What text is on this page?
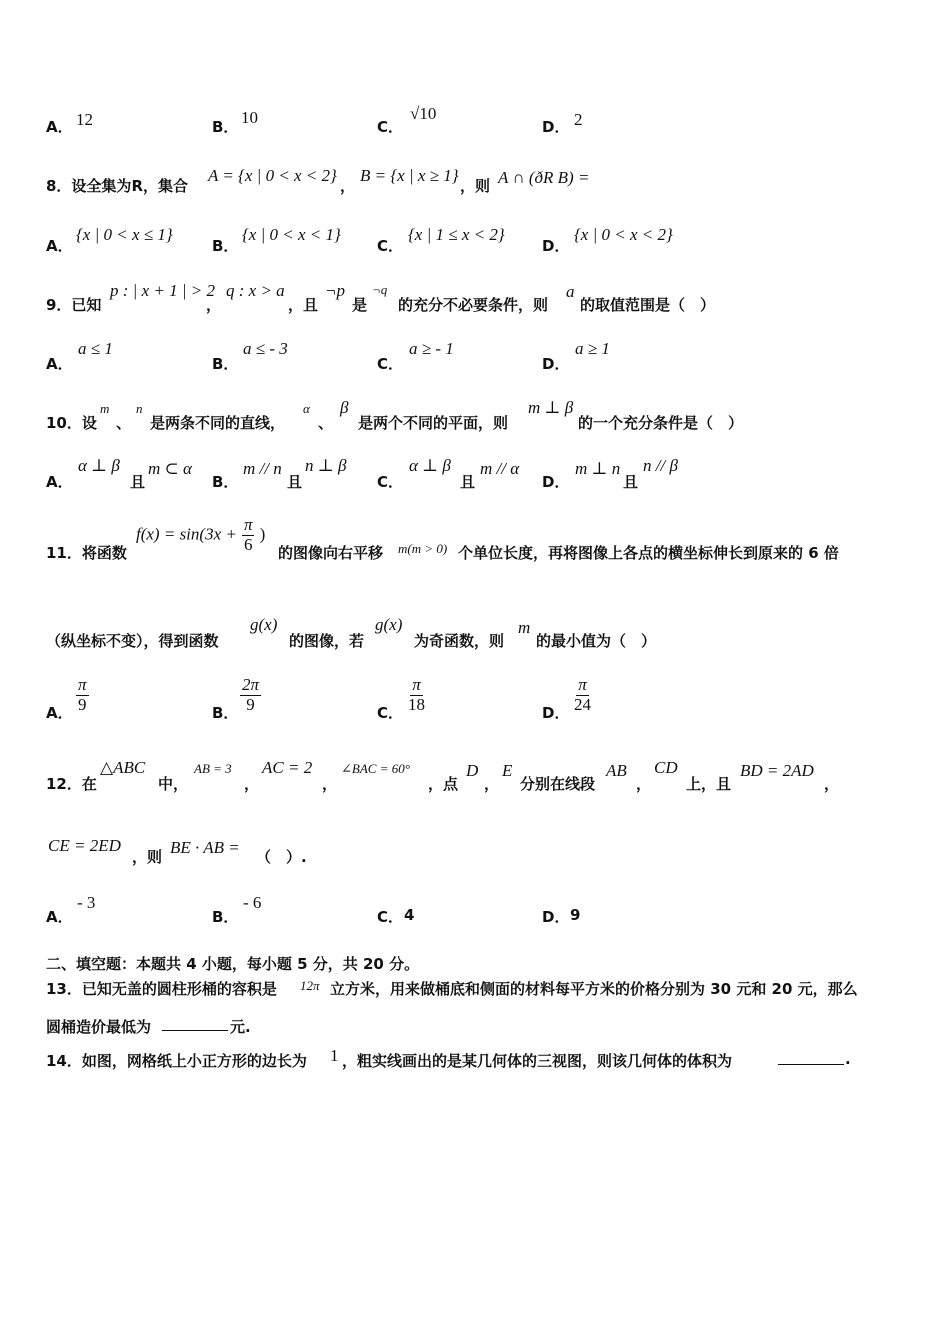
A． 12	B． 10	C．
√10
D． 2
8．设全集为R，集合
A = {x | 0 < x < 2}
，
B = {x | x ≥ 1}
，则 A ∩ (ðR B) =
A．
{x | 0 < x ≤ 1}
B．
{x | 0 < x < 1}
C．
{x | 1 ≤ x < 2}
D．
{x | 0 < x < 2}
9．已知
p : | x + 1 | > 2
，
q : x > a
，且
¬p
是
¬q
的充分不必要条件，则
a
的取值范围是（　）
A．
a ≤ 1
B．
a ≤ - 3
C．
a ≥ - 1
D．
a ≥ 1
10．设
m
、
n
是两条不同的直线，
α
、
β
是两个不同的平面，则
m ⊥ β
的一个充分条件是（　）
A．
α ⊥ β
且
m ⊂ α
B．
m // n
且
n ⊥ β
C．
α ⊥ β
且
m // α
D．
m ⊥ n
且
n // β
11．将函数
$f(x) = \sin(3x + \frac{\pi}{6}$ )
的图像向右平移 m(m > 0) 个单位长度，再将图像上各点的横坐标伸长到原来的 6 倍
（纵坐标不变），得到函数
g(x)
的图像，若
g(x)
为奇函数，则
m
的最小值为（　）
A． $\frac{\pi}{9}$	B． $\frac{2\pi}{9}$	C． $\frac{\pi}{18}$	D． $\frac{\pi}{24}$
12．在
△ABC
中，
AB = 3
，
AC = 2
，
∠BAC = 60°
，点
D
，
E
分别在线段
AB
，
CD
上，且
BD = 2AD
，
CE = 2ED
，则 BE · AB = （　）.
A．
- 3
B．
- 6
C． 4	D． 9
二、填空题：本题共 4 小题，每小题 5 分，共 20 分。
13．已知无盖的圆柱形桶的容积是 12π 立方米，用来做桶底和侧面的材料每平方米的价格分别为 30 元和 20 元，那么
圆桶造价最低为	元.
14．如图，网格纸上小正方形的边长为 1 ，粗实线画出的是某几何体的三视图，则该几何体的体积为	.
